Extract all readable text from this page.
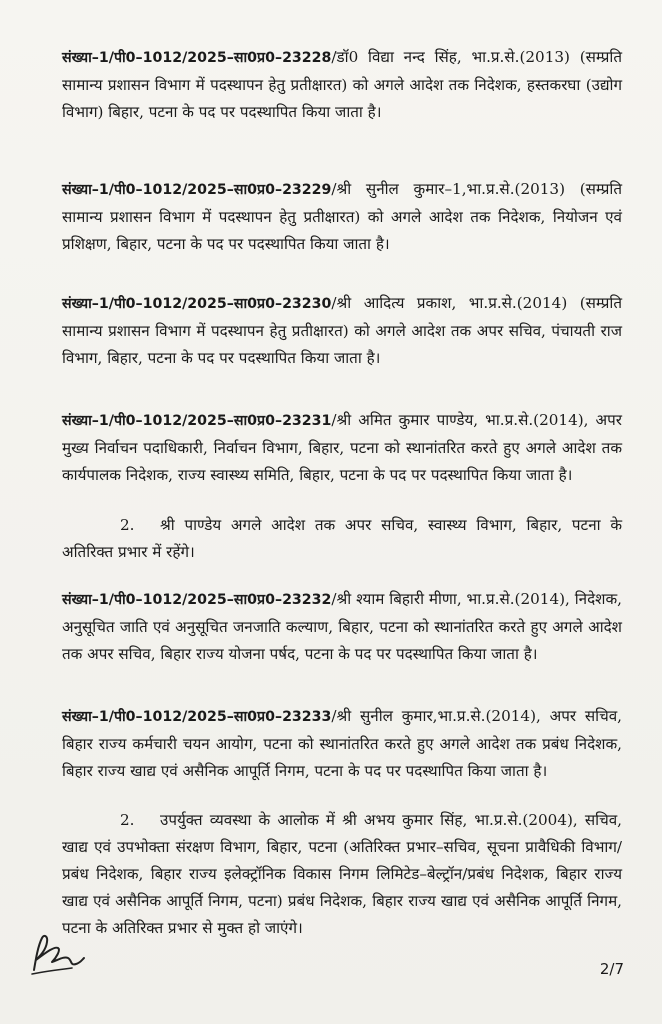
संख्या–1/पी0–1012/2025–सा0प्र0–23228/डॉ0 विद्या नन्द सिंह, भा.प्र.से.(2013) (सम्प्रति सामान्य प्रशासन विभाग में पदस्थापन हेतु प्रतीक्षारत) को अगले आदेश तक निदेशक, हस्तकरघा (उद्योग विभाग) बिहार, पटना के पद पर पदस्थापित किया जाता है।
संख्या–1/पी0–1012/2025–सा0प्र0–23229/श्री सुनील कुमार–1,भा.प्र.से.(2013) (सम्प्रति सामान्य प्रशासन विभाग में पदस्थापन हेतु प्रतीक्षारत) को अगले आदेश तक निदेशक, नियोजन एवं प्रशिक्षण, बिहार, पटना के पद पर पदस्थापित किया जाता है।
संख्या–1/पी0–1012/2025–सा0प्र0–23230/श्री आदित्य प्रकाश, भा.प्र.से.(2014) (सम्प्रति सामान्य प्रशासन विभाग में पदस्थापन हेतु प्रतीक्षारत) को अगले आदेश तक अपर सचिव, पंचायती राज विभाग, बिहार, पटना के पद पर पदस्थापित किया जाता है।
संख्या–1/पी0–1012/2025–सा0प्र0–23231/श्री अमित कुमार पाण्डेय, भा.प्र.से.(2014), अपर मुख्य निर्वाचन पदाधिकारी, निर्वाचन विभाग, बिहार, पटना को स्थानांतरित करते हुए अगले आदेश तक कार्यपालक निदेशक, राज्य स्वास्थ्य समिति, बिहार, पटना के पद पर पदस्थापित किया जाता है।
2. श्री पाण्डेय अगले आदेश तक अपर सचिव, स्वास्थ्य विभाग, बिहार, पटना के अतिरिक्त प्रभार में रहेंगे।
संख्या–1/पी0–1012/2025–सा0प्र0–23232/श्री श्याम बिहारी मीणा, भा.प्र.से.(2014), निदेशक, अनुसूचित जाति एवं अनुसूचित जनजाति कल्याण, बिहार, पटना को स्थानांतरित करते हुए अगले आदेश तक अपर सचिव, बिहार राज्य योजना पर्षद, पटना के पद पर पदस्थापित किया जाता है।
संख्या–1/पी0–1012/2025–सा0प्र0–23233/श्री सुनील कुमार,भा.प्र.से.(2014), अपर सचिव, बिहार राज्य कर्मचारी चयन आयोग, पटना को स्थानांतरित करते हुए अगले आदेश तक प्रबंध निदेशक, बिहार राज्य खाद्य एवं असैनिक आपूर्ति निगम, पटना के पद पर पदस्थापित किया जाता है।
2. उपर्युक्त व्यवस्था के आलोक में श्री अभय कुमार सिंह, भा.प्र.से.(2004), सचिव, खाद्य एवं उपभोक्ता संरक्षण विभाग, बिहार, पटना (अतिरिक्त प्रभार–सचिव, सूचना प्रावैधिकी विभाग/प्रबंध निदेशक, बिहार राज्य इलेक्ट्रॉनिक विकास निगम लिमिटेड–बेल्ट्रॉन/प्रबंध निदेशक, बिहार राज्य खाद्य एवं असैनिक आपूर्ति निगम, पटना) प्रबंध निदेशक, बिहार राज्य खाद्य एवं असैनिक आपूर्ति निगम, पटना के अतिरिक्त प्रभार से मुक्त हो जाएंगे।
2/7
